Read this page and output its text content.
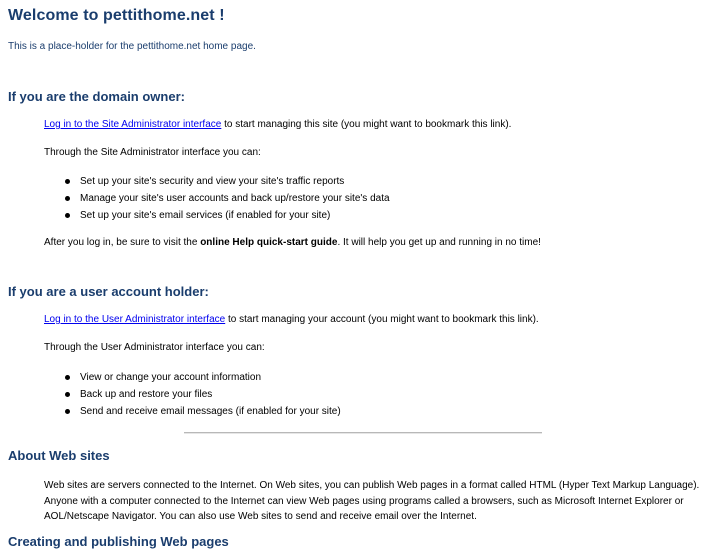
Welcome to pettithome.net !
This is a place-holder for the pettithome.net home page.
If you are the domain owner:
Log in to the Site Administrator interface to start managing this site (you might want to bookmark this link).
Through the Site Administrator interface you can:
Set up your site's security and view your site's traffic reports
Manage your site's user accounts and back up/restore your site's data
Set up your site's email services (if enabled for your site)
After you log in, be sure to visit the online Help quick-start guide. It will help you get up and running in no time!
If you are a user account holder:
Log in to the User Administrator interface to start managing your account (you might want to bookmark this link).
Through the User Administrator interface you can:
View or change your account information
Back up and restore your files
Send and receive email messages (if enabled for your site)
About Web sites
Web sites are servers connected to the Internet. On Web sites, you can publish Web pages in a format called HTML (Hyper Text Markup Language). Anyone with a computer connected to the Internet can view Web pages using programs called a browsers, such as Microsoft Internet Explorer or AOL/Netscape Navigator. You can also use Web sites to send and receive email over the Internet.
Creating and publishing Web pages
